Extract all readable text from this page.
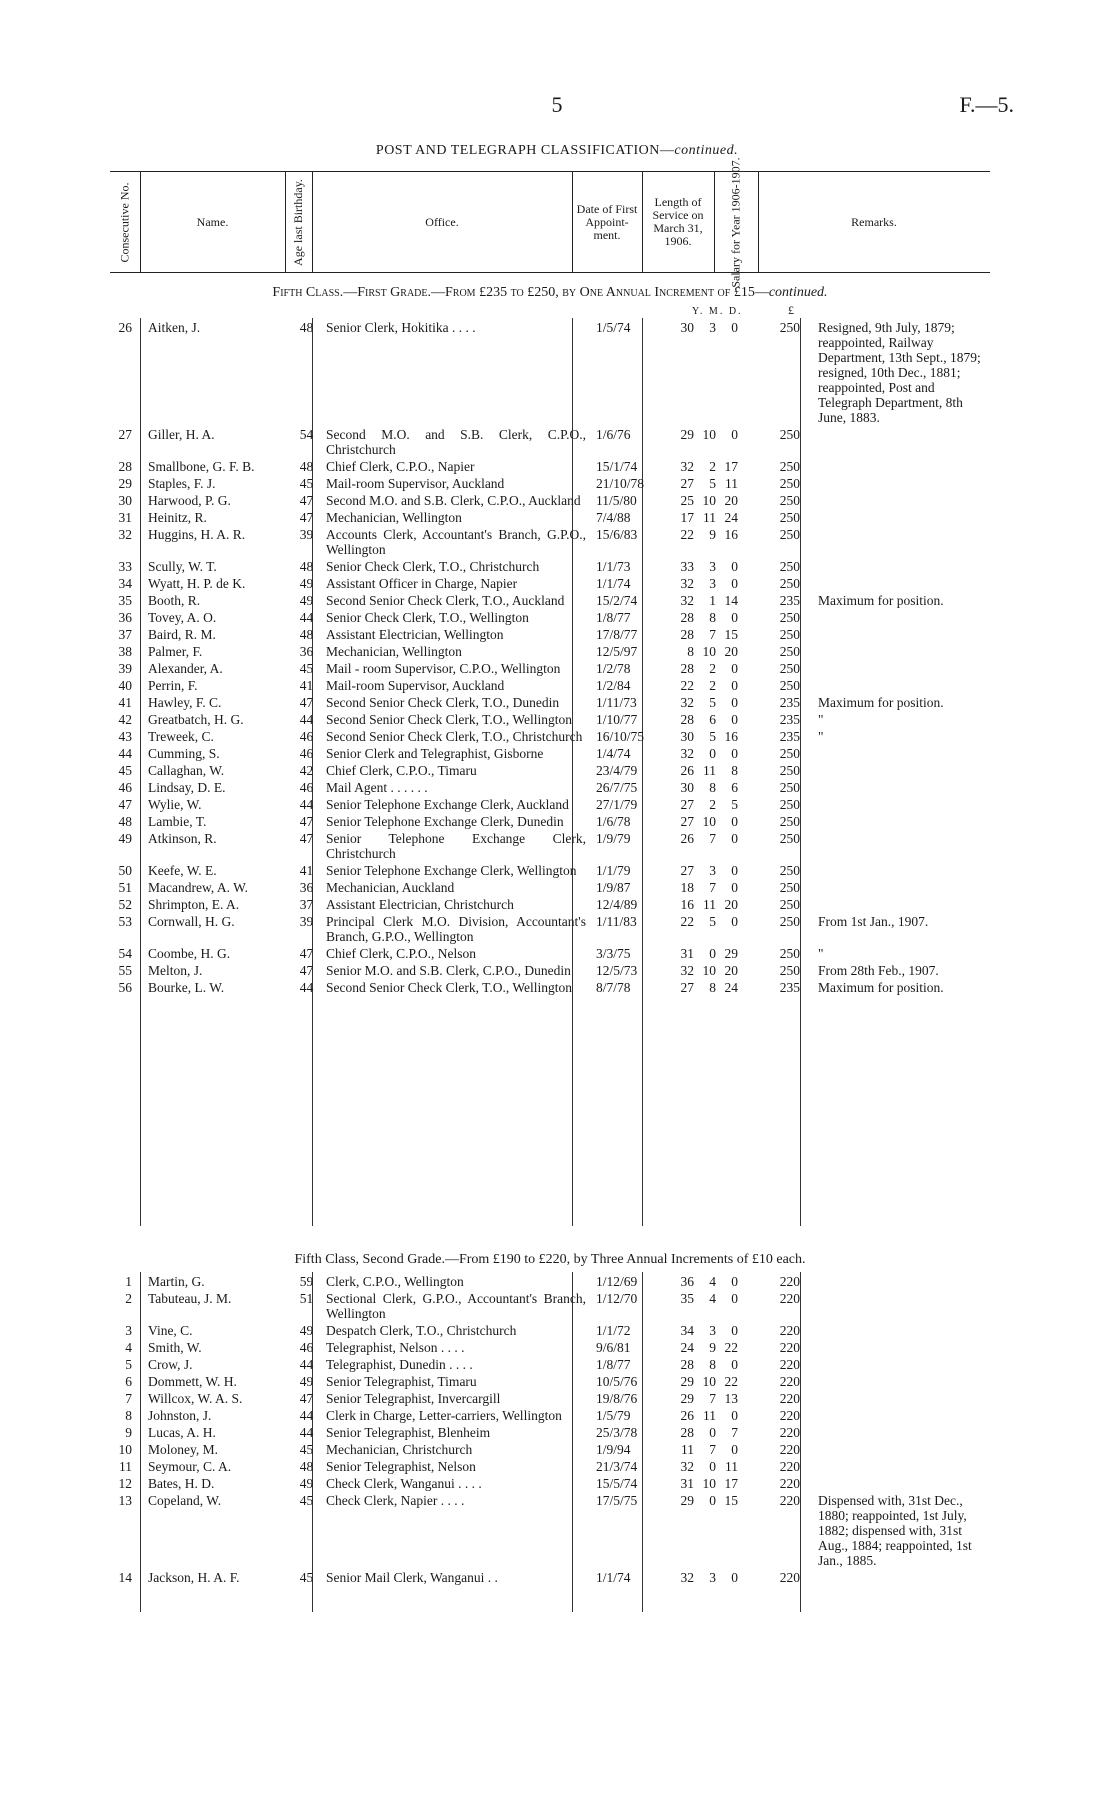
5	F.—5.
POST AND TELEGRAPH CLASSIFICATION—continued.
Consecutive No.	Name.	Age last Birthday.	Office.
Date of First Appoint-ment.
Length of Service on March 31, 1906.	Salary for Year 1906-1907.	Remarks.
Fifth Class.—First Grade.—From £235 to £250, by One Annual Increment of £15—continued.
Y. M. D.	£
26	Aitken, J.	48	Senior Clerk, Hokitika . . . .	1/5/74	30	3	0	250	Resigned, 9th July, 1879; reappointed, Railway Department, 13th Sept., 1879; resigned, 10th Dec., 1881; reappointed, Post and Telegraph Department, 8th June, 1883.
27	Giller, H. A.	54	Second M.O. and S.B. Clerk, C.P.O., Christchurch	1/6/76	29	10	0	250	
28	Smallbone, G. F. B.	48	Chief Clerk, C.P.O., Napier	15/1/74	32	2	17	250	
29	Staples, F. J.	45	Mail-room Supervisor, Auckland	21/10/78	27	5	11	250	
30	Harwood, P. G.	47	Second M.O. and S.B. Clerk, C.P.O., Auckland	11/5/80	25	10	20	250	
31	Heinitz, R.	47	Mechanician, Wellington	7/4/88	17	11	24	250	
32	Huggins, H. A. R.	39	Accounts Clerk, Accountant's Branch, G.P.O., Wellington	15/6/83	22	9	16	250	
33	Scully, W. T.	48	Senior Check Clerk, T.O., Christchurch	1/1/73	33	3	0	250	
34	Wyatt, H. P. de K.	49	Assistant Officer in Charge, Napier	1/1/74	32	3	0	250	
35	Booth, R.	49	Second Senior Check Clerk, T.O., Auckland	15/2/74	32	1	14	235	Maximum for position.
36	Tovey, A. O.	44	Senior Check Clerk, T.O., Wellington	1/8/77	28	8	0	250	
37	Baird, R. M.	48	Assistant Electrician, Wellington	17/8/77	28	7	15	250	
38	Palmer, F.	36	Mechanician, Wellington	12/5/97	8	10	20	250	
39	Alexander, A.	45	Mail - room Supervisor, C.P.O., Wellington	1/2/78	28	2	0	250	
40	Perrin, F.	41	Mail-room Supervisor, Auckland	1/2/84	22	2	0	250	
41	Hawley, F. C.	47	Second Senior Check Clerk, T.O., Dunedin	1/11/73	32	5	0	235	Maximum for position.
42	Greatbatch, H. G.	44	Second Senior Check Clerk, T.O., Wellington	1/10/77	28	6	0	235	"
43	Treweek, C.	46	Second Senior Check Clerk, T.O., Christchurch	16/10/75	30	5	16	235	"
44	Cumming, S.	46	Senior Clerk and Telegraphist, Gisborne	1/4/74	32	0	0	250	
45	Callaghan, W.	42	Chief Clerk, C.P.O., Timaru	23/4/79	26	11	8	250	
46	Lindsay, D. E.	46	Mail Agent . . . . . .	26/7/75	30	8	6	250	
47	Wylie, W.	44	Senior Telephone Exchange Clerk, Auckland	27/1/79	27	2	5	250	
48	Lambie, T.	47	Senior Telephone Exchange Clerk, Dunedin	1/6/78	27	10	0	250	
49	Atkinson, R.	47	Senior Telephone Exchange Clerk, Christchurch	1/9/79	26	7	0	250	
50	Keefe, W. E.	41	Senior Telephone Exchange Clerk, Wellington	1/1/79	27	3	0	250	
51	Macandrew, A. W.	36	Mechanician, Auckland	1/9/87	18	7	0	250	
52	Shrimpton, E. A.	37	Assistant Electrician, Christchurch	12/4/89	16	11	20	250	
53	Cornwall, H. G.	39	Principal Clerk M.O. Division, Accountant's Branch, G.P.O., Wellington	1/11/83	22	5	0	250	From 1st Jan., 1907.
54	Coombe, H. G.	47	Chief Clerk, C.P.O., Nelson	3/3/75	31	0	29	250	"
55	Melton, J.	47	Senior M.O. and S.B. Clerk, C.P.O., Dunedin	12/5/73	32	10	20	250	From 28th Feb., 1907.
56	Bourke, L. W.	44	Second Senior Check Clerk, T.O., Wellington	8/7/78	27	8	24	235	Maximum for position.
Fifth Class, Second Grade.—From £190 to £220, by Three Annual Increments of £10 each.
1	Martin, G.	59	Clerk, C.P.O., Wellington	1/12/69	36	4	0	220	
2	Tabuteau, J. M.	51	Sectional Clerk, G.P.O., Accountant's Branch, Wellington	1/12/70	35	4	0	220	
3	Vine, C.	49	Despatch Clerk, T.O., Christchurch	1/1/72	34	3	0	220	
4	Smith, W.	46	Telegraphist, Nelson . . . .	9/6/81	24	9	22	220	
5	Crow, J.	44	Telegraphist, Dunedin . . . .	1/8/77	28	8	0	220	
6	Dommett, W. H.	49	Senior Telegraphist, Timaru	10/5/76	29	10	22	220	
7	Willcox, W. A. S.	47	Senior Telegraphist, Invercargill	19/8/76	29	7	13	220	
8	Johnston, J.	44	Clerk in Charge, Letter-carriers, Wellington	1/5/79	26	11	0	220	
9	Lucas, A. H.	44	Senior Telegraphist, Blenheim	25/3/78	28	0	7	220	
10	Moloney, M.	45	Mechanician, Christchurch	1/9/94	11	7	0	220	
11	Seymour, C. A.	48	Senior Telegraphist, Nelson	21/3/74	32	0	11	220	
12	Bates, H. D.	49	Check Clerk, Wanganui . . . .	15/5/74	31	10	17	220	
13	Copeland, W.	45	Check Clerk, Napier . . . .	17/5/75	29	0	15	220	Dispensed with, 31st Dec., 1880; reappointed, 1st July, 1882; dispensed with, 31st Aug., 1884; reappointed, 1st Jan., 1885.
14	Jackson, H. A. F.	45	Senior Mail Clerk, Wanganui . .	1/1/74	32	3	0	220	
